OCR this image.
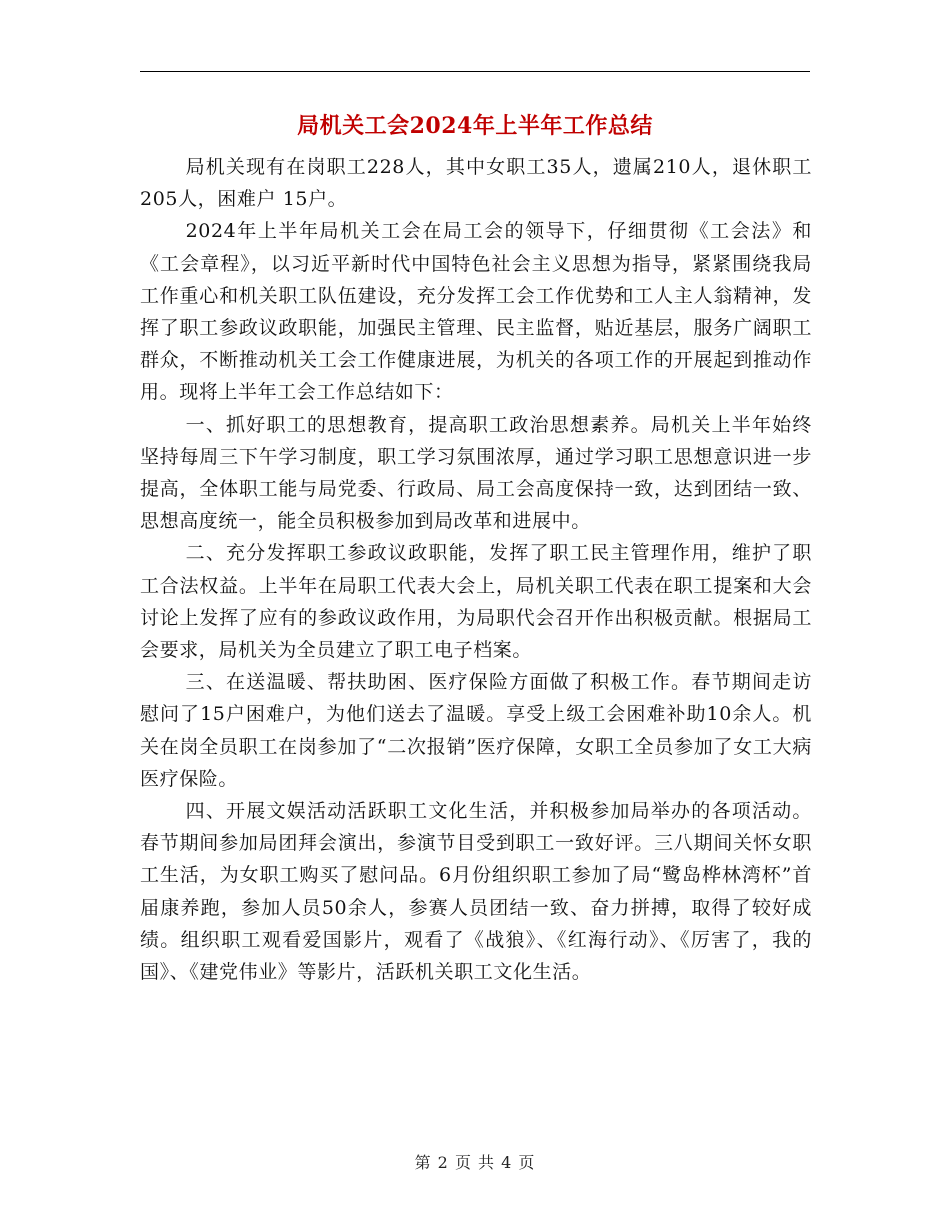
局机关工会2024年上半年工作总结

局机关现有在岗职工228人，其中女职工35人，遗属210人，退休职工205人，困难户 15户。

2024年上半年局机关工会在局工会的领导下，仔细贯彻《工会法》和《工会章程》，以习近平新时代中国特色社会主义思想为指导，紧紧围绕我局工作重心和机关职工队伍建设，充分发挥工会工作优势和工人主人翁精神，发挥了职工参政议政职能，加强民主管理、民主监督，贴近基层，服务广阔职工群众，不断推动机关工会工作健康进展，为机关的各项工作的开展起到推动作用。现将上半年工会工作总结如下：

一、抓好职工的思想教育，提高职工政治思想素养。局机关上半年始终坚持每周三下午学习制度，职工学习氛围浓厚，通过学习职工思想意识进一步提高，全体职工能与局党委、行政局、局工会高度保持一致，达到团结一致、思想高度统一，能全员积极参加到局改革和进展中。

二、充分发挥职工参政议政职能，发挥了职工民主管理作用，维护了职工合法权益。上半年在局职工代表大会上，局机关职工代表在职工提案和大会讨论上发挥了应有的参政议政作用，为局职代会召开作出积极贡献。根据局工会要求，局机关为全员建立了职工电子档案。

三、在送温暖、帮扶助困、医疗保险方面做了积极工作。春节期间走访慰问了15户困难户，为他们送去了温暖。享受上级工会困难补助10余人。机关在岗全员职工在岗参加了“二次报销”医疗保障，女职工全员参加了女工大病医疗保险。

四、开展文娱活动活跃职工文化生活，并积极参加局举办的各项活动。春节期间参加局团拜会演出，参演节目受到职工一致好评。三八期间关怀女职工生活，为女职工购买了慰问品。6月份组织职工参加了局“鹭岛桦林湾杯”首届康养跑，参加人员50余人，参赛人员团结一致、奋力拼搏，取得了较好成绩。组织职工观看爱国影片，观看了《战狼》、《红海行动》、《厉害了，我的国》、《建党伟业》等影片，活跃机关职工文化生活。

第 2 页 共 4 页
